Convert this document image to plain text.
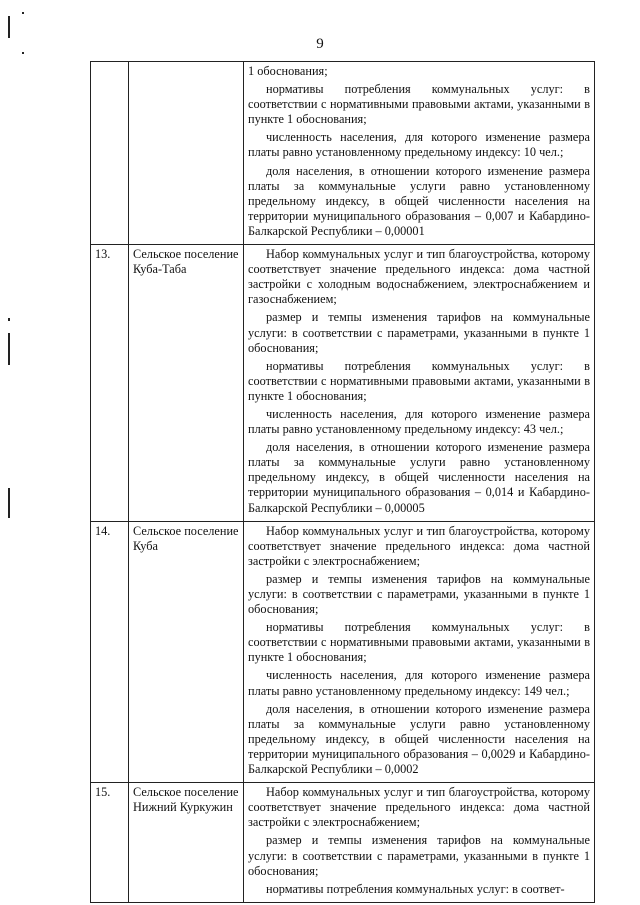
9

		1 обоснования;
нормативы потребления коммунальных услуг: в соответствии с нормативными правовыми актами, указанными в пункте 1 обоснования;
численность населения, для которого изменение размера платы равно установленному предельному индексу: 10 чел.;
доля населения, в отношении которого изменение размера платы за коммунальные услуги равно установленному предельному индексу, в общей численности населения на территории муниципального образования – 0,007 и Кабардино-Балкарской Республики – 0,00001

13.	Сельское поселение Куба-Таба	Набор коммунальных услуг и тип благоустройства, которому соответствует значение предельного индекса: дома частной застройки с холодным водоснабжением, электроснабжением и газоснабжением;
размер и темпы изменения тарифов на коммунальные услуги: в соответствии с параметрами, указанными в пункте 1 обоснования;
нормативы потребления коммунальных услуг: в соответствии с нормативными правовыми актами, указанными в пункте 1 обоснования;
численность населения, для которого изменение размера платы равно установленному предельному индексу: 43 чел.;
доля населения, в отношении которого изменение размера платы за коммунальные услуги равно установленному предельному индексу, в общей численности населения на территории муниципального образования – 0,014 и Кабардино-Балкарской Республики – 0,00005

14.	Сельское поселение Куба	Набор коммунальных услуг и тип благоустройства, которому соответствует значение предельного индекса: дома частной застройки с электроснабжением;
размер и темпы изменения тарифов на коммунальные услуги: в соответствии с параметрами, указанными в пункте 1 обоснования;
нормативы потребления коммунальных услуг: в соответствии с нормативными правовыми актами, указанными в пункте 1 обоснования;
численность населения, для которого изменение размера платы равно установленному предельному индексу: 149 чел.;
доля населения, в отношении которого изменение размера платы за коммунальные услуги равно установленному предельному индексу, в общей численности населения на территории муниципального образования – 0,0029 и Кабардино-Балкарской Республики – 0,0002

15.	Сельское поселение Нижний Куркужин	Набор коммунальных услуг и тип благоустройства, которому соответствует значение предельного индекса: дома частной застройки с электроснабжением;
размер и темпы изменения тарифов на коммунальные услуги: в соответствии с параметрами, указанными в пункте 1 обоснования;
нормативы потребления коммунальных услуг: в соответ-
